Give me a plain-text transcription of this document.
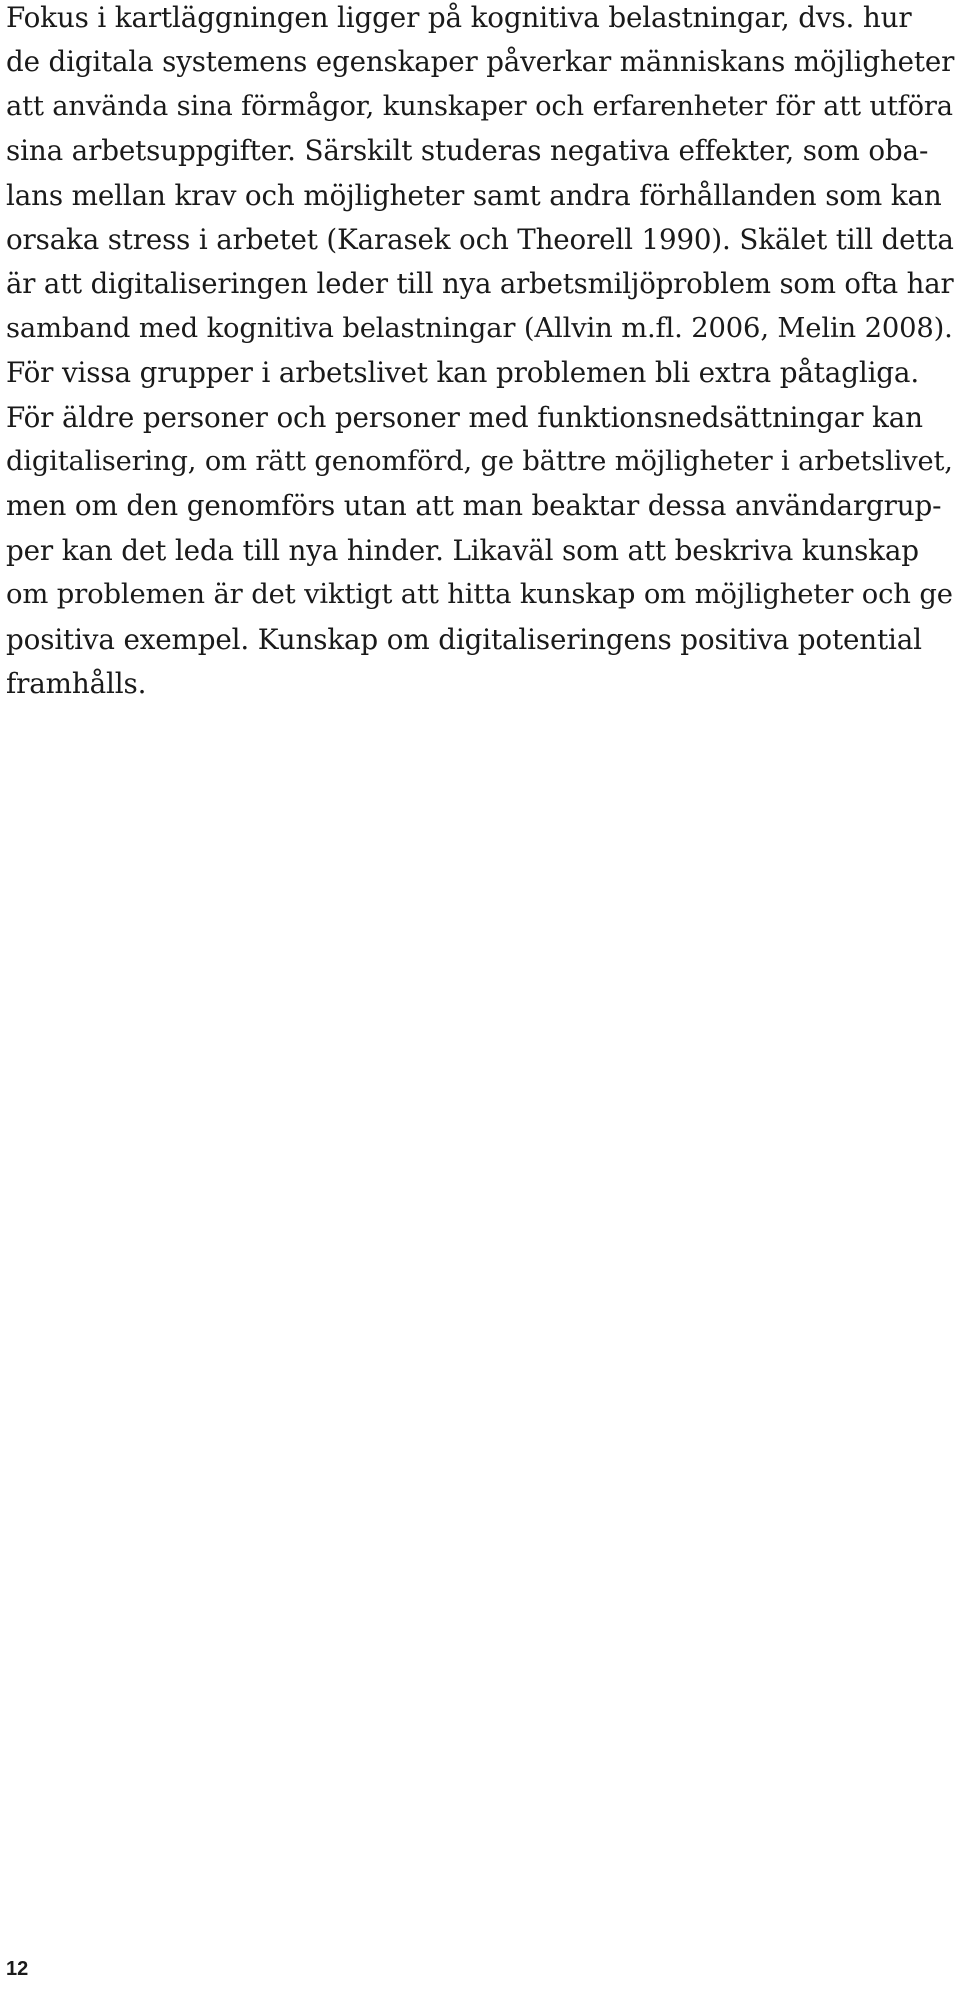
Fokus i kartläggningen ligger på kognitiva belastningar, dvs. hur
de digitala systemens egenskaper påverkar människans möjligheter
att använda sina förmågor, kunskaper och erfarenheter för att utföra
sina arbetsuppgifter. Särskilt studeras negativa effekter, som oba-
lans mellan krav och möjligheter samt andra förhållanden som kan
orsaka stress i arbetet (Karasek och Theorell 1990). Skälet till detta
är att digitaliseringen leder till nya arbetsmiljöproblem som ofta har
samband med kognitiva belastningar (Allvin m.fl. 2006, Melin 2008).
För vissa grupper i arbetslivet kan problemen bli extra påtagliga.
För äldre personer och personer med funktionsnedsättningar kan
digitalisering, om rätt genomförd, ge bättre möjligheter i arbetslivet,
men om den genomförs utan att man beaktar dessa användargrup-
per kan det leda till nya hinder. Likaväl som att beskriva kunskap
om problemen är det viktigt att hitta kunskap om möjligheter och ge
positiva exempel. Kunskap om digitaliseringens positiva potential
framhålls.
12
